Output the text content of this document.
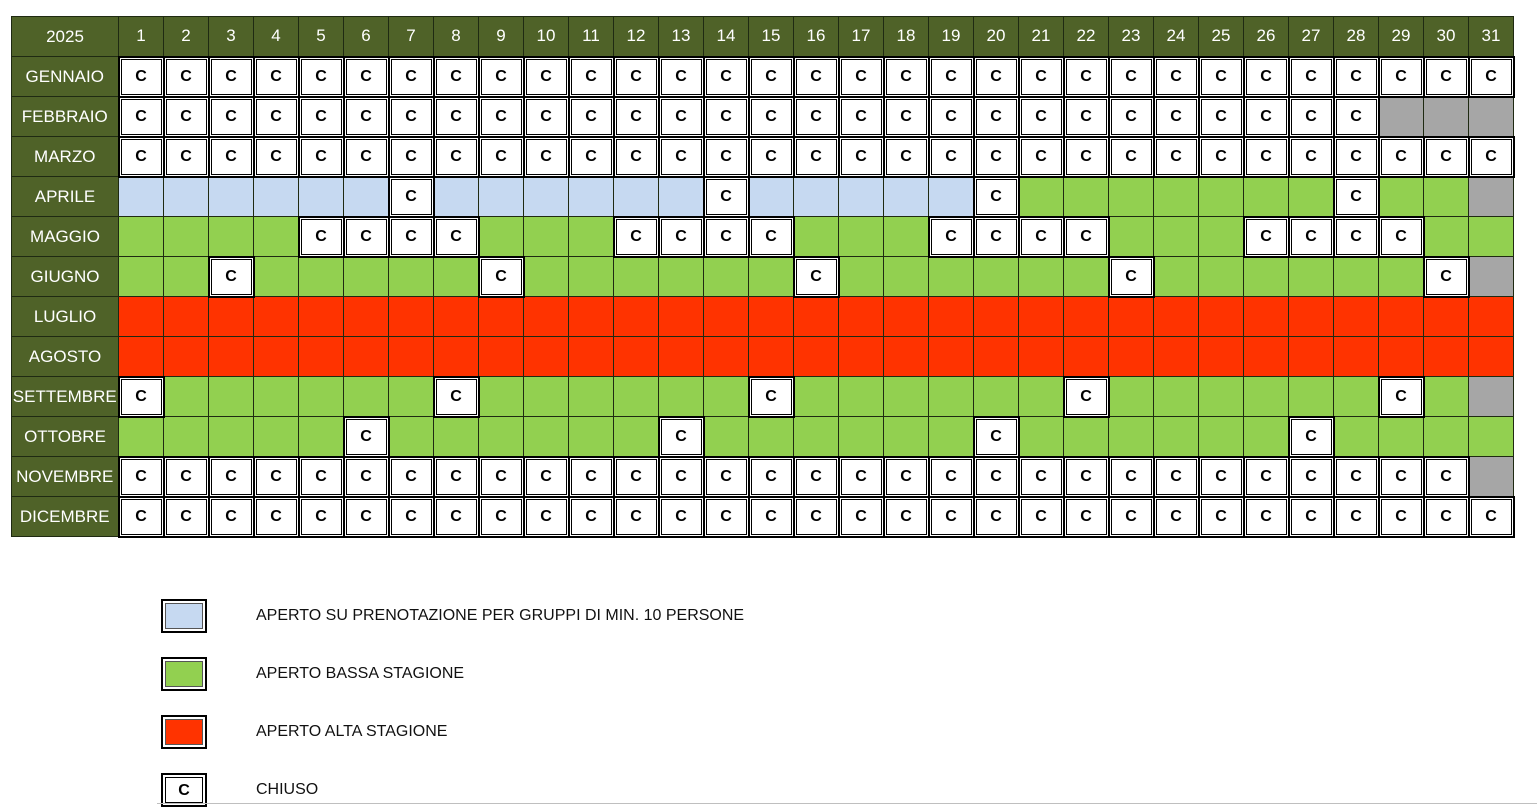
2025	1	2	3	4	5	6	7	8	9	10	11	12	13	14	15	16	17	18	19	20	21	22	23	24	25	26	27	28	29	30	31
GENNAIO	C	C	C	C	C	C	C	C	C	C	C	C	C	C	C	C	C	C	C	C	C	C	C	C	C	C	C	C	C	C	C

FEBBRAIO	C	C	C	C	C	C	C	C	C	C	C	C	C	C	C	C	C	C	C	C	C	C	C	C	C	C	C	C			

MARZO	C	C	C	C	C	C	C	C	C	C	C	C	C	C	C	C	C	C	C	C	C	C	C	C	C	C	C	C	C	C	C

APRILE							C							C						C								C			

MAGGIO					C	C	C	C				C	C	C	C				C	C	C	C				C	C	C	C		

GIUGNO			C						C							C							C							C	

LUGLIO																															
AGOSTO																															
SETTEMBRE	C							C							C							C							C		

OTTOBRE						C							C							C							C				

NOVEMBRE	C	C	C	C	C	C	C	C	C	C	C	C	C	C	C	C	C	C	C	C	C	C	C	C	C	C	C	C	C	C	

DICEMBRE	C	C	C	C	C	C	C	C	C	C	C	C	C	C	C	C	C	C	C	C	C	C	C	C	C	C	C	C	C	C	C
APERTO SU PRENOTAZIONE PER GRUPPI DI MIN. 10 PERSONE
APERTO BASSA STAGIONE
APERTO ALTA STAGIONE
C	CHIUSO
